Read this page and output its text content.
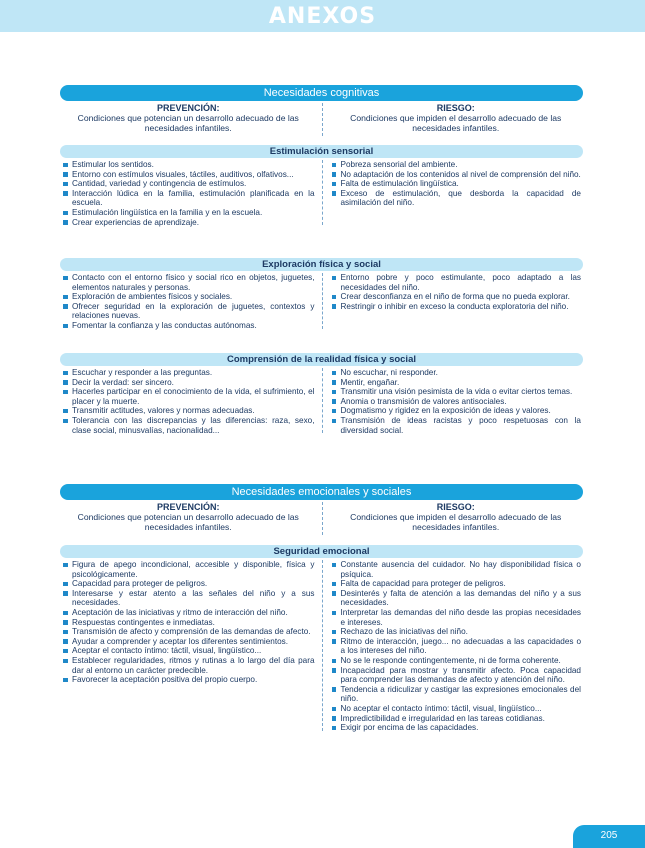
ANEXOS
Necesidades cognitivas
PREVENCIÓN:
Condiciones que potencian un desarrollo adecuado de las necesidades infantiles.
RIESGO:
Condiciones que impiden el desarrollo adecuado de las necesidades infantiles.
Estimulación sensorial
Estimular los sentidos.
Entorno con estímulos visuales, táctiles, auditivos, olfativos...
Cantidad, variedad y contingencia de estímulos.
Interacción lúdica en la familia, estimulación planificada en la escuela.
Estimulación lingüística en la familia y en la escuela.
Crear experiencias de aprendizaje.
Pobreza sensorial del ambiente.
No adaptación de los contenidos al nivel de comprensión del niño.
Falta de estimulación lingüística.
Exceso de estimulación, que desborda la capacidad de asimilación del niño.
Exploración física y social
Contacto con el entorno físico y social rico en objetos, juguetes, elementos naturales y personas.
Exploración de ambientes físicos y sociales.
Ofrecer seguridad en la exploración de juguetes, contextos y relaciones nuevas.
Fomentar la confianza y las conductas autónomas.
Entorno pobre y poco estimulante, poco adaptado a las necesidades del niño.
Crear desconfianza en el niño de forma que no pueda explorar.
Restringir o inhibir en exceso la conducta exploratoria del niño.
Comprensión de la realidad física y social
Escuchar y responder a las preguntas.
Decir la verdad: ser sincero.
Hacerles participar en el conocimiento de la vida, el sufrimiento, el placer y la muerte.
Transmitir actitudes, valores y normas adecuadas.
Tolerancia con las discrepancias y las diferencias: raza, sexo, clase social, minusvalías, nacionalidad...
No escuchar, ni responder.
Mentir, engañar.
Transmitir una visión pesimista de la vida o evitar ciertos temas.
Anomia o transmisión de valores antisociales.
Dogmatismo y rigidez en la exposición de ideas y valores.
Transmisión de ideas racistas y poco respetuosas con la diversidad social.
Necesidades emocionales y sociales
PREVENCIÓN:
Condiciones que potencian un desarrollo adecuado de las necesidades infantiles.
RIESGO:
Condiciones que impiden el desarrollo adecuado de las necesidades infantiles.
Seguridad emocional
Figura de apego incondicional, accesible y disponible, física y psicológicamente.
Capacidad para proteger de peligros.
Interesarse y estar atento a las señales del niño y a sus necesidades.
Aceptación de las iniciativas y ritmo de interacción del niño.
Respuestas contingentes e inmediatas.
Transmisión de afecto y comprensión de las demandas de afecto.
Ayudar a comprender y aceptar los diferentes sentimientos.
Aceptar el contacto íntimo: táctil, visual, lingüístico...
Establecer regularidades, ritmos y rutinas a lo largo del día para dar al entorno un carácter predecible.
Favorecer la aceptación positiva del propio cuerpo.
Constante ausencia del cuidador. No hay disponibilidad física o psíquica.
Falta de capacidad para proteger de peligros.
Desinterés y falta de atención a las demandas del niño y a sus necesidades.
Interpretar las demandas del niño desde las propias necesidades e intereses.
Rechazo de las iniciativas del niño.
Ritmo de interacción, juego... no adecuadas a las capacidades o a los intereses del niño.
No se le responde contingentemente, ni de forma coherente.
Incapacidad para mostrar y transmitir afecto. Poca capacidad para comprender las demandas de afecto y atención del niño.
Tendencia a ridiculizar y castigar las expresiones emocionales del niño.
No aceptar el contacto íntimo: táctil, visual, lingüístico...
Impredictibilidad e irregularidad en las tareas cotidianas.
Exigir por encima de las capacidades.
205
